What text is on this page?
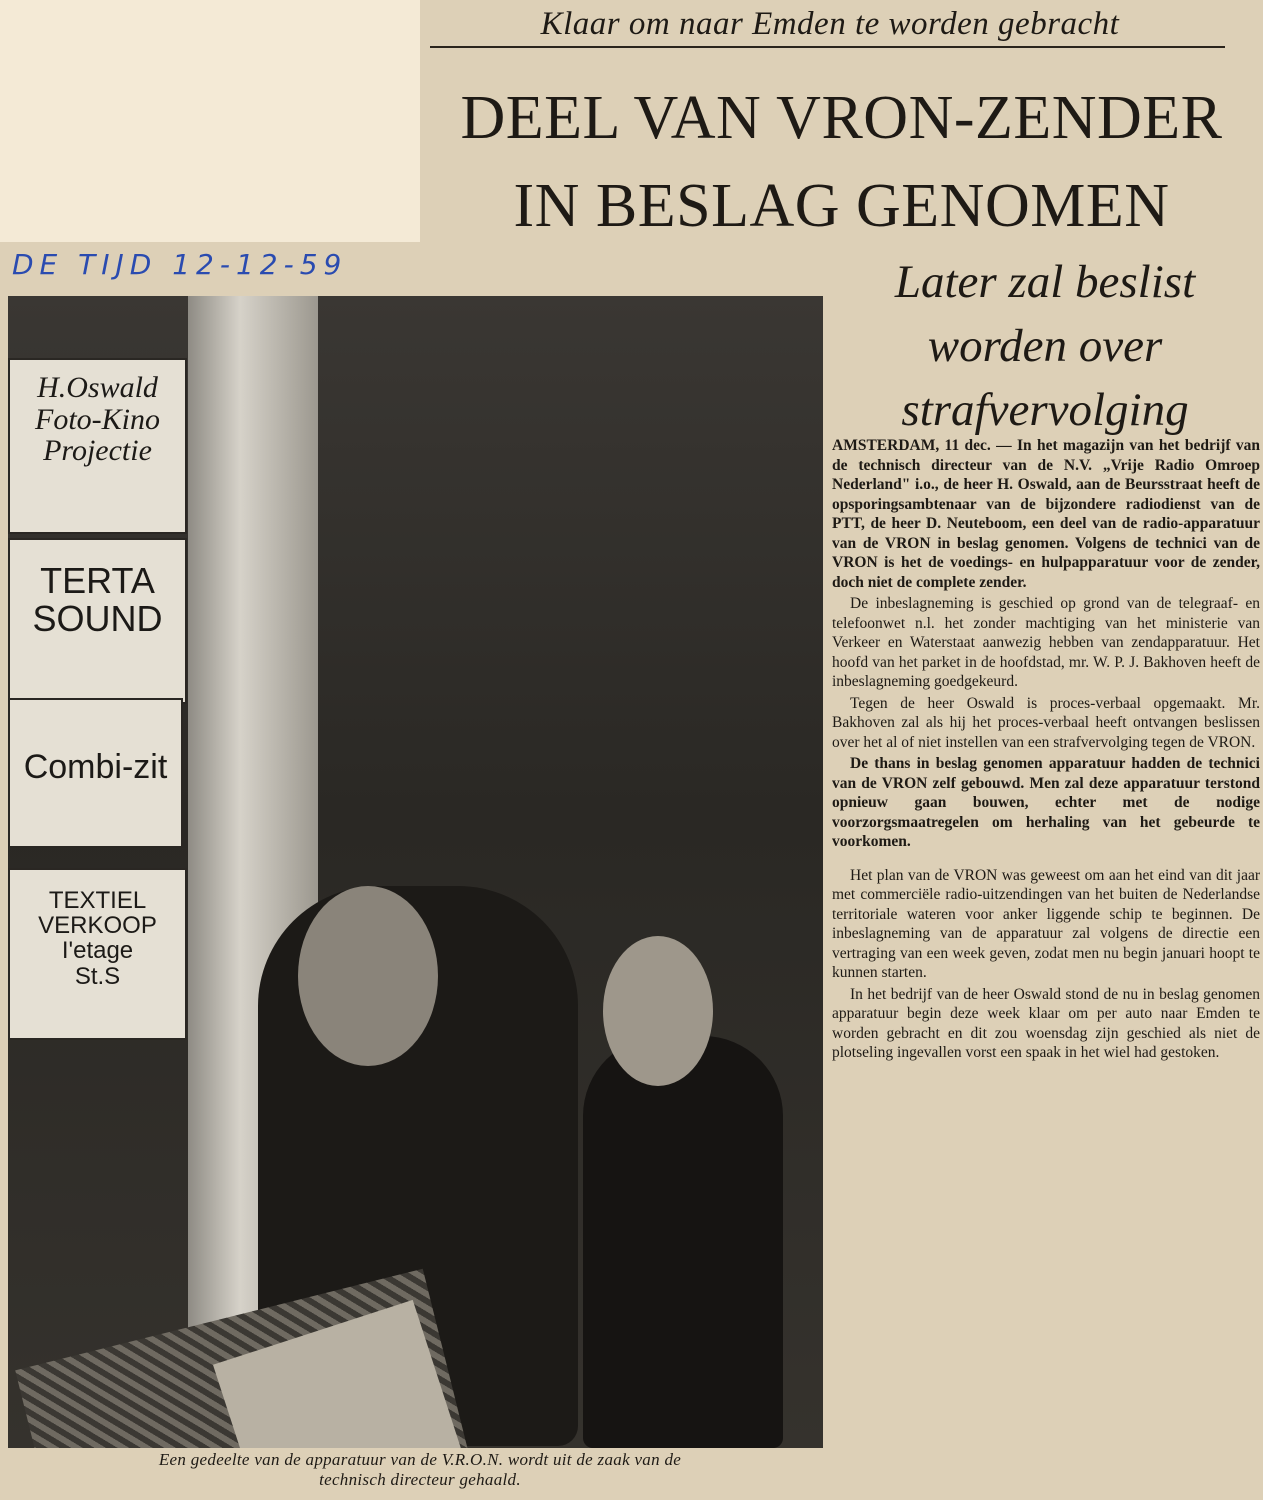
Klaar om naar Emden te worden gebracht
DEEL VAN VRON-ZENDER
IN BESLAG GENOMEN
DE TIJD 12-12-59
H.Oswald
Foto-Kino
Projectie
TERTA
SOUND
Combi-zit
TEXTIEL VERKOOP
I'etage
St.S
Een gedeelte van de apparatuur van de V.R.O.N. wordt uit de zaak van de
technisch directeur gehaald.
Later zal beslist
worden over
strafvervolging

AMSTERDAM, 11 dec. — In het magazijn van het bedrijf van de technisch directeur van de N.V. „Vrije Radio Omroep Nederland" i.o., de heer H. Oswald, aan de Beursstraat heeft de opsporingsambtenaar van de bijzondere radiodienst van de PTT, de heer D. Neuteboom, een deel van de radio-apparatuur van de VRON in beslag genomen. Volgens de technici van de VRON is het de voedings- en hulpapparatuur voor de zender, doch niet de complete zender.

De inbeslagneming is geschied op grond van de telegraaf- en telefoonwet n.l. het zonder machtiging van het ministerie van Verkeer en Waterstaat aanwezig hebben van zendapparatuur. Het hoofd van het parket in de hoofdstad, mr. W. P. J. Bakhoven heeft de inbeslagneming goedgekeurd.

Tegen de heer Oswald is proces-verbaal opgemaakt. Mr. Bakhoven zal als hij het proces-verbaal heeft ontvangen beslissen over het al of niet instellen van een strafvervolging tegen de VRON.

De thans in beslag genomen apparatuur hadden de technici van de VRON zelf gebouwd. Men zal deze apparatuur terstond opnieuw gaan bouwen, echter met de nodige voorzorgsmaatregelen om herhaling van het gebeurde te voorkomen.

Het plan van de VRON was geweest om aan het eind van dit jaar met commerciële radio-uitzendingen van het buiten de Nederlandse territoriale wateren voor anker liggende schip te beginnen. De inbeslagneming van de apparatuur zal volgens de directie een vertraging van een week geven, zodat men nu begin januari hoopt te kunnen starten.

In het bedrijf van de heer Oswald stond de nu in beslag genomen apparatuur begin deze week klaar om per auto naar Emden te worden gebracht en dit zou woensdag zijn geschied als niet de plotseling ingevallen vorst een spaak in het wiel had gestoken.
